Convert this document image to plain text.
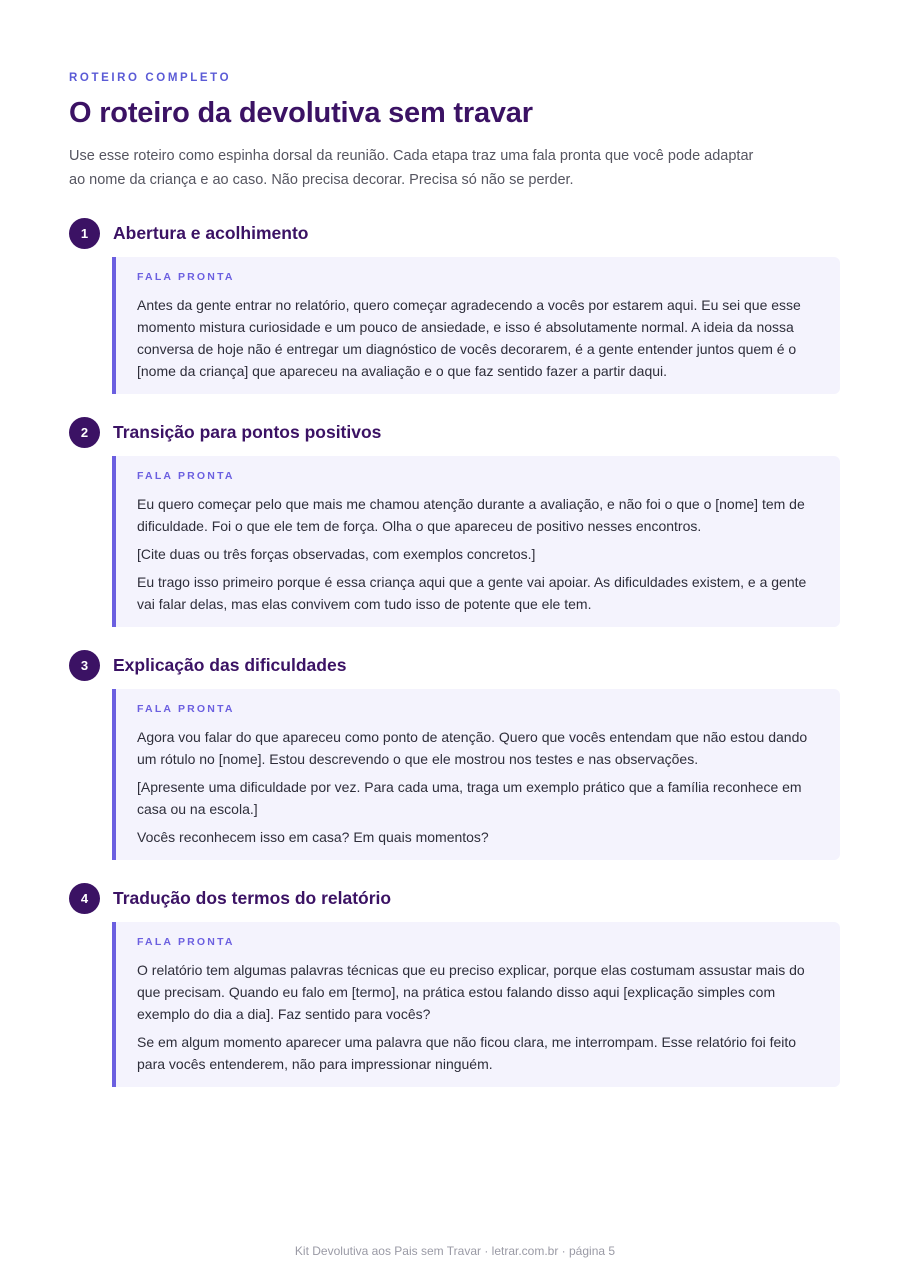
ROTEIRO COMPLETO
O roteiro da devolutiva sem travar

Use esse roteiro como espinha dorsal da reunião. Cada etapa traz uma fala pronta que você pode adaptar ao nome da criança e ao caso. Não precisa decorar. Precisa só não se perder.

1	Abertura e acolhimento
FALA PRONTA

Antes da gente entrar no relatório, quero começar agradecendo a vocês por estarem aqui. Eu sei que esse momento mistura curiosidade e um pouco de ansiedade, e isso é absolutamente normal. A ideia da nossa conversa de hoje não é entregar um diagnóstico de vocês decorarem, é a gente entender juntos quem é o [nome da criança] que apareceu na avaliação e o que faz sentido fazer a partir daqui.

2	Transição para pontos positivos
FALA PRONTA

Eu quero começar pelo que mais me chamou atenção durante a avaliação, e não foi o que o [nome] tem de dificuldade. Foi o que ele tem de força. Olha o que apareceu de positivo nesses encontros.

[Cite duas ou três forças observadas, com exemplos concretos.]

Eu trago isso primeiro porque é essa criança aqui que a gente vai apoiar. As dificuldades existem, e a gente vai falar delas, mas elas convivem com tudo isso de potente que ele tem.

3	Explicação das dificuldades
FALA PRONTA

Agora vou falar do que apareceu como ponto de atenção. Quero que vocês entendam que não estou dando um rótulo no [nome]. Estou descrevendo o que ele mostrou nos testes e nas observações.

[Apresente uma dificuldade por vez. Para cada uma, traga um exemplo prático que a família reconhece em casa ou na escola.]

Vocês reconhecem isso em casa? Em quais momentos?

4	Tradução dos termos do relatório
FALA PRONTA

O relatório tem algumas palavras técnicas que eu preciso explicar, porque elas costumam assustar mais do que precisam. Quando eu falo em [termo], na prática estou falando disso aqui [explicação simples com exemplo do dia a dia]. Faz sentido para vocês?

Se em algum momento aparecer uma palavra que não ficou clara, me interrompam. Esse relatório foi feito para vocês entenderem, não para impressionar ninguém.

Kit Devolutiva aos Pais sem Travar · letrar.com.br · página 5
